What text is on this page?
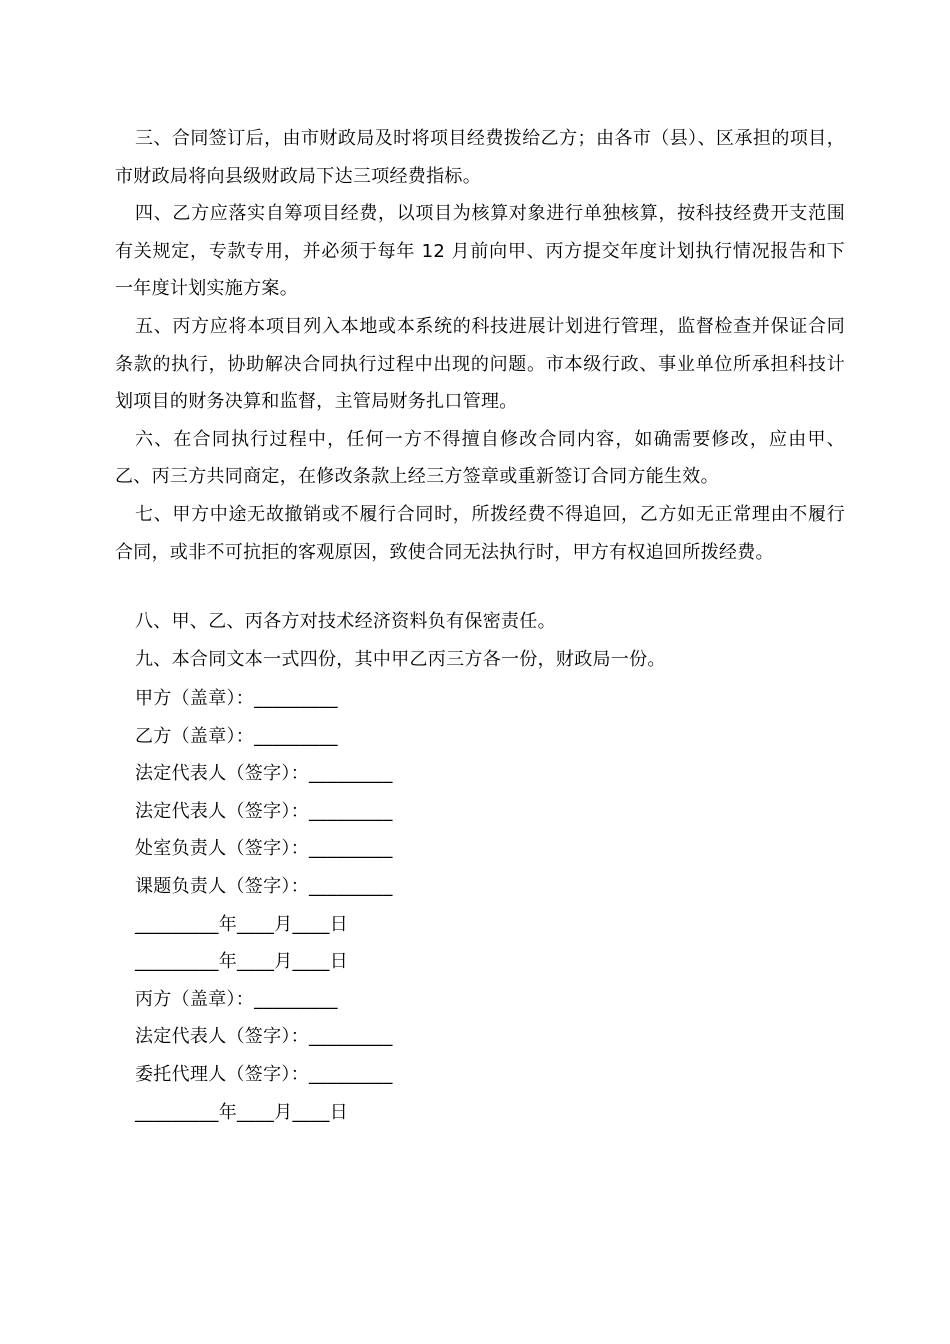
三、合同签订后，由市财政局及时将项目经费拨给乙方；由各市（县）、区承担的项目，市财政局将向县级财政局下达三项经费指标。

四、乙方应落实自筹项目经费，以项目为核算对象进行单独核算，按科技经费开支范围有关规定，专款专用，并必须于每年 12 月前向甲、丙方提交年度计划执行情况报告和下一年度计划实施方案。

五、丙方应将本项目列入本地或本系统的科技进展计划进行管理，监督检查并保证合同条款的执行，协助解决合同执行过程中出现的问题。市本级行政、事业单位所承担科技计划项目的财务决算和监督，主管局财务扎口管理。

六、在合同执行过程中，任何一方不得擅自修改合同内容，如确需要修改，应由甲、乙、丙三方共同商定，在修改条款上经三方签章或重新签订合同方能生效。

七、甲方中途无故撤销或不履行合同时，所拨经费不得追回，乙方如无正常理由不履行合同，或非不可抗拒的客观原因，致使合同无法执行时，甲方有权追回所拨经费。

八、甲、乙、丙各方对技术经济资料负有保密责任。

九、本合同文本一式四份，其中甲乙丙三方各一份，财政局一份。

甲方（盖章）：_________
乙方（盖章）：_________
法定代表人（签字）：_________
法定代表人（签字）：_________
处室负责人（签字）：_________
课题负责人（签字）：_________
_________年____月____日
_________年____月____日
丙方（盖章）：_________
法定代表人（签字）：_________
委托代理人（签字）：_________
_________年____月____日
